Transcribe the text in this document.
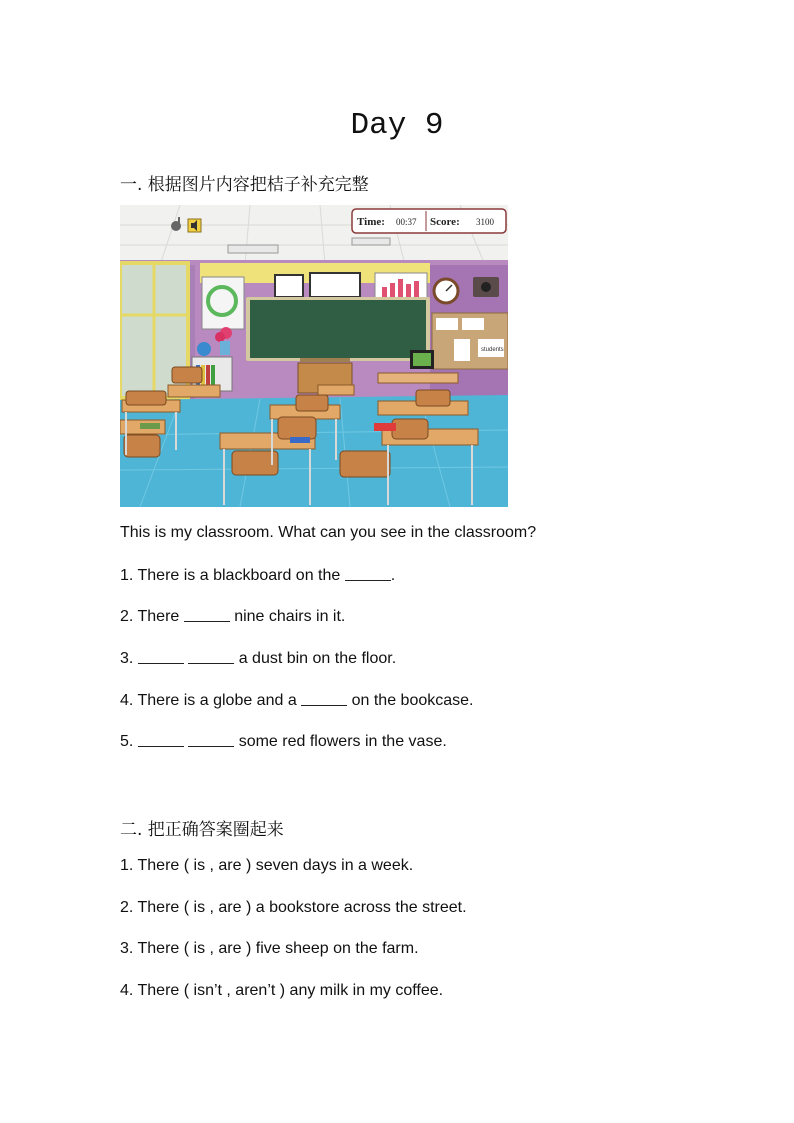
Day 9
一. 根据图片内容把桔子补充完整
students
Time: 00:37 Score: 3100
This is my classroom. What can you see in the classroom?
1. There is a blackboard on the	.
2. There	nine chairs in it.
3.	a dust bin on the floor.
4. There is a globe and a	on the bookcase.
5.	some red flowers in the vase.
二. 把正确答案圈起来
1. There ( is , are ) seven days in a week.
2. There ( is , are ) a bookstore across the street.
3. There ( is , are ) five sheep on the farm.
4. There ( isn’t , aren’t ) any milk in my coffee.
